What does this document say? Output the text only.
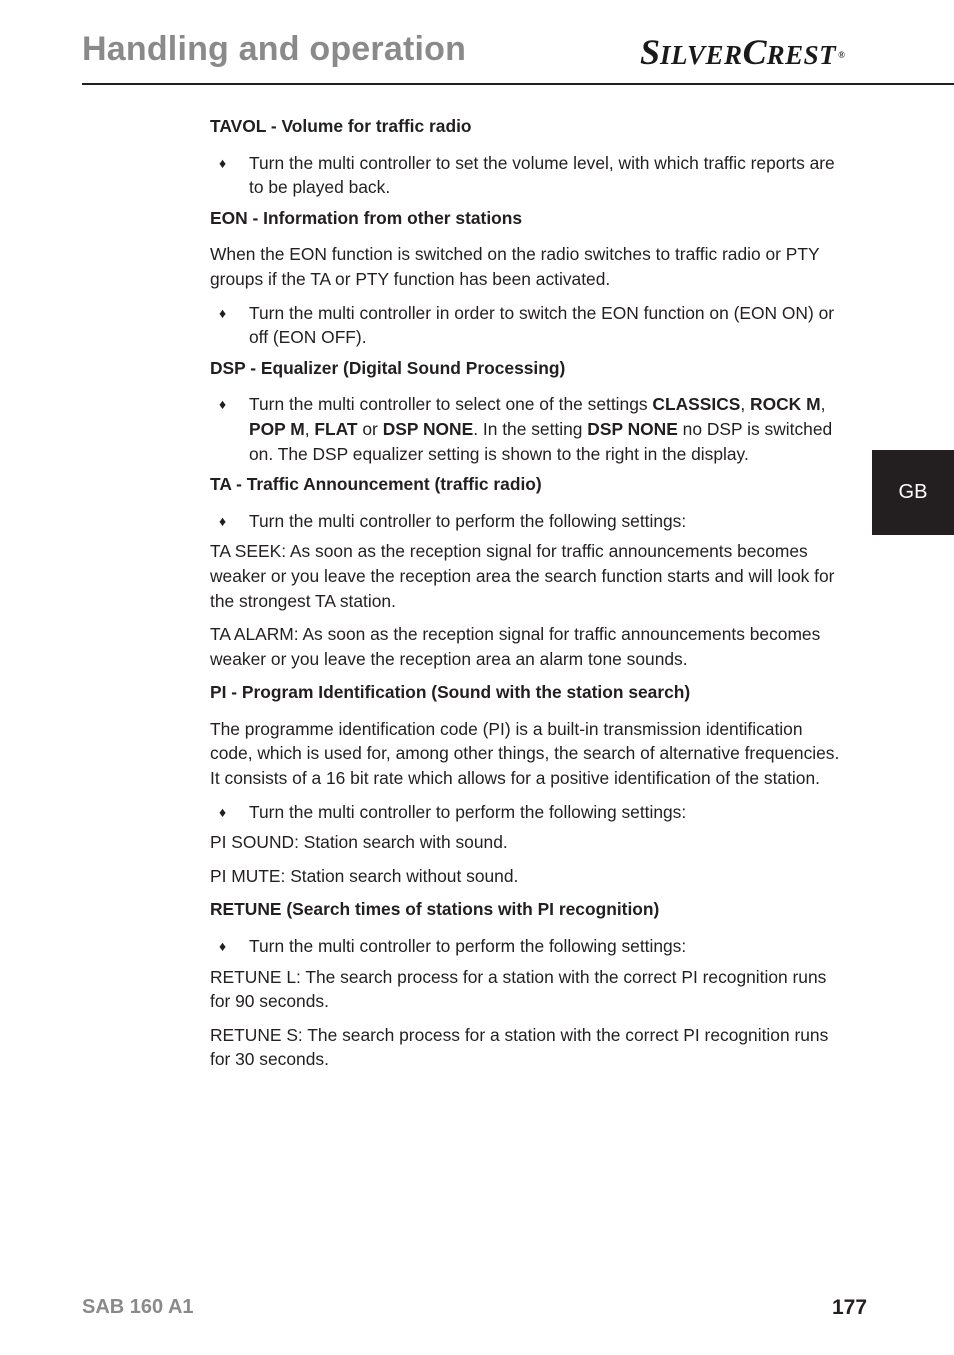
Handling and operation	SILVERCREST ®
GB

TAVOL - Volume for traffic radio

♦ Turn the multi controller to set the volume level, with which traffic reports are to be played back.

EON - Information from other stations

When the EON function is switched on the radio switches to traffic radio or PTY groups if the TA or PTY function has been activated.

♦ Turn the multi controller in order to switch the EON function on (EON ON) or off (EON OFF).

DSP - Equalizer (Digital Sound Processing)

♦ Turn the multi controller to select one of the settings CLASSICS, ROCK M, POP M, FLAT or DSP NONE. In the setting DSP NONE no DSP is switched on. The DSP equalizer setting is shown to the right in the display.

TA - Traffic Announcement (traffic radio)

♦ Turn the multi controller to perform the following settings:

TA SEEK: As soon as the reception signal for traffic announcements becomes weaker or you leave the reception area the search function starts and will look for the strongest TA station.

TA ALARM: As soon as the reception signal for traffic announcements becomes weaker or you leave the reception area an alarm tone sounds.

PI - Program Identification (Sound with the station search)

The programme identification code (PI) is a built-in transmission identification code, which is used for, among other things, the search of alternative frequencies. It consists of a 16 bit rate which allows for a positive identification of the station.

♦ Turn the multi controller to perform the following settings:

PI SOUND: Station search with sound.

PI MUTE: Station search without sound.

RETUNE (Search times of stations with PI recognition)

♦ Turn the multi controller to perform the following settings:

RETUNE L: The search process for a station with the correct PI recognition runs for 90 seconds.

RETUNE S: The search process for a station with the correct PI recognition runs for 30 seconds.

SAB 160 A1	177
